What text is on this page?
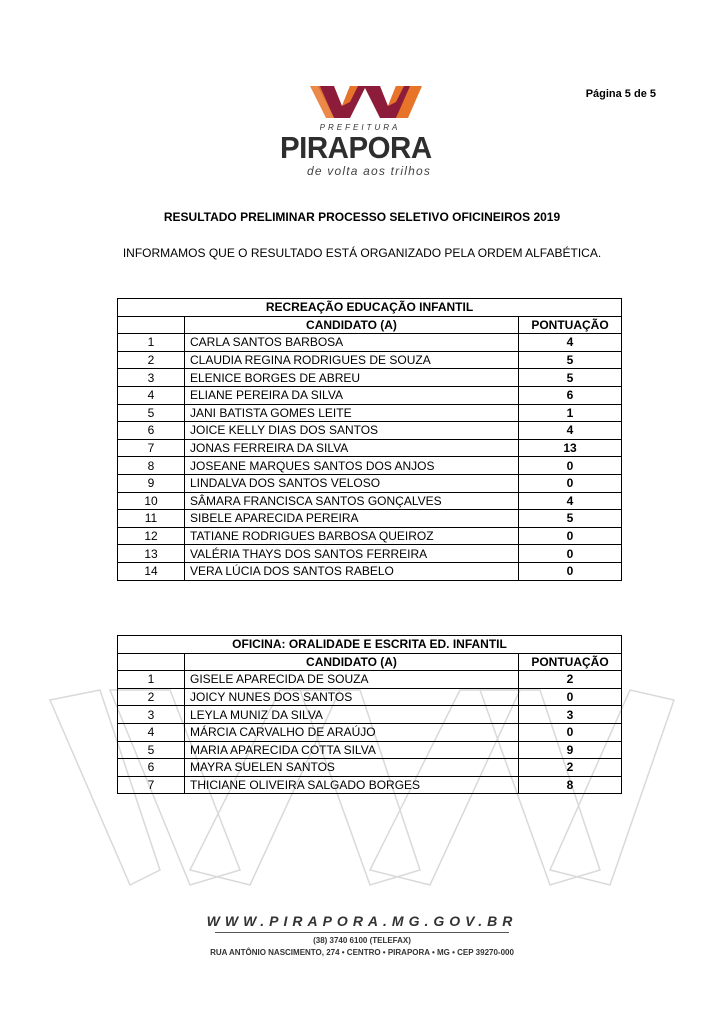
Página 5 de 5
PREFEITURA
PIRAPORA
de volta aos trilhos
RESULTADO PRELIMINAR PROCESSO SELETIVO OFICINEIROS 2019
INFORMAMOS QUE O RESULTADO ESTÁ ORGANIZADO PELA ORDEM ALFABÉTICA.
RECREAÇÃO EDUCAÇÃO INFANTIL		
	CANDIDATO (A)	PONTUAÇÃO
1	CARLA SANTOS BARBOSA	4
2	CLAUDIA REGINA RODRIGUES DE SOUZA	5
3	ELENICE BORGES DE ABREU	5
4	ELIANE PEREIRA DA SILVA	6
5	JANI BATISTA GOMES LEITE	1
6	JOICE KELLY DIAS DOS SANTOS	4
7	JONAS FERREIRA DA SILVA	13
8	JOSEANE MARQUES SANTOS DOS ANJOS	0
9	LINDALVA DOS SANTOS VELOSO	0
10	SÂMARA FRANCISCA SANTOS GONÇALVES	4
11	SIBELE APARECIDA PEREIRA	5
12	TATIANE RODRIGUES BARBOSA QUEIROZ	0
13	VALÉRIA THAYS DOS SANTOS FERREIRA	0
14	VERA LÚCIA DOS SANTOS RABELO	0
OFICINA: ORALIDADE E ESCRITA ED. INFANTIL		
	CANDIDATO (A)	PONTUAÇÃO
1	GISELE APARECIDA DE SOUZA	2
2	JOICY NUNES DOS SANTOS	0
3	LEYLA MUNIZ DA SILVA	3
4	MÁRCIA CARVALHO DE ARAÚJO	0
5	MARIA APARECIDA COTTA SILVA	9
6	MAYRA SUELEN SANTOS	2
7	THICIANE OLIVEIRA SALGADO BORGES	8
WWW.PIRAPORA.MG.GOV.BR
(38) 3740 6100 (TELEFAX)
RUA ANTÔNIO NASCIMENTO, 274 • CENTRO • PIRAPORA • MG • CEP 39270-000
